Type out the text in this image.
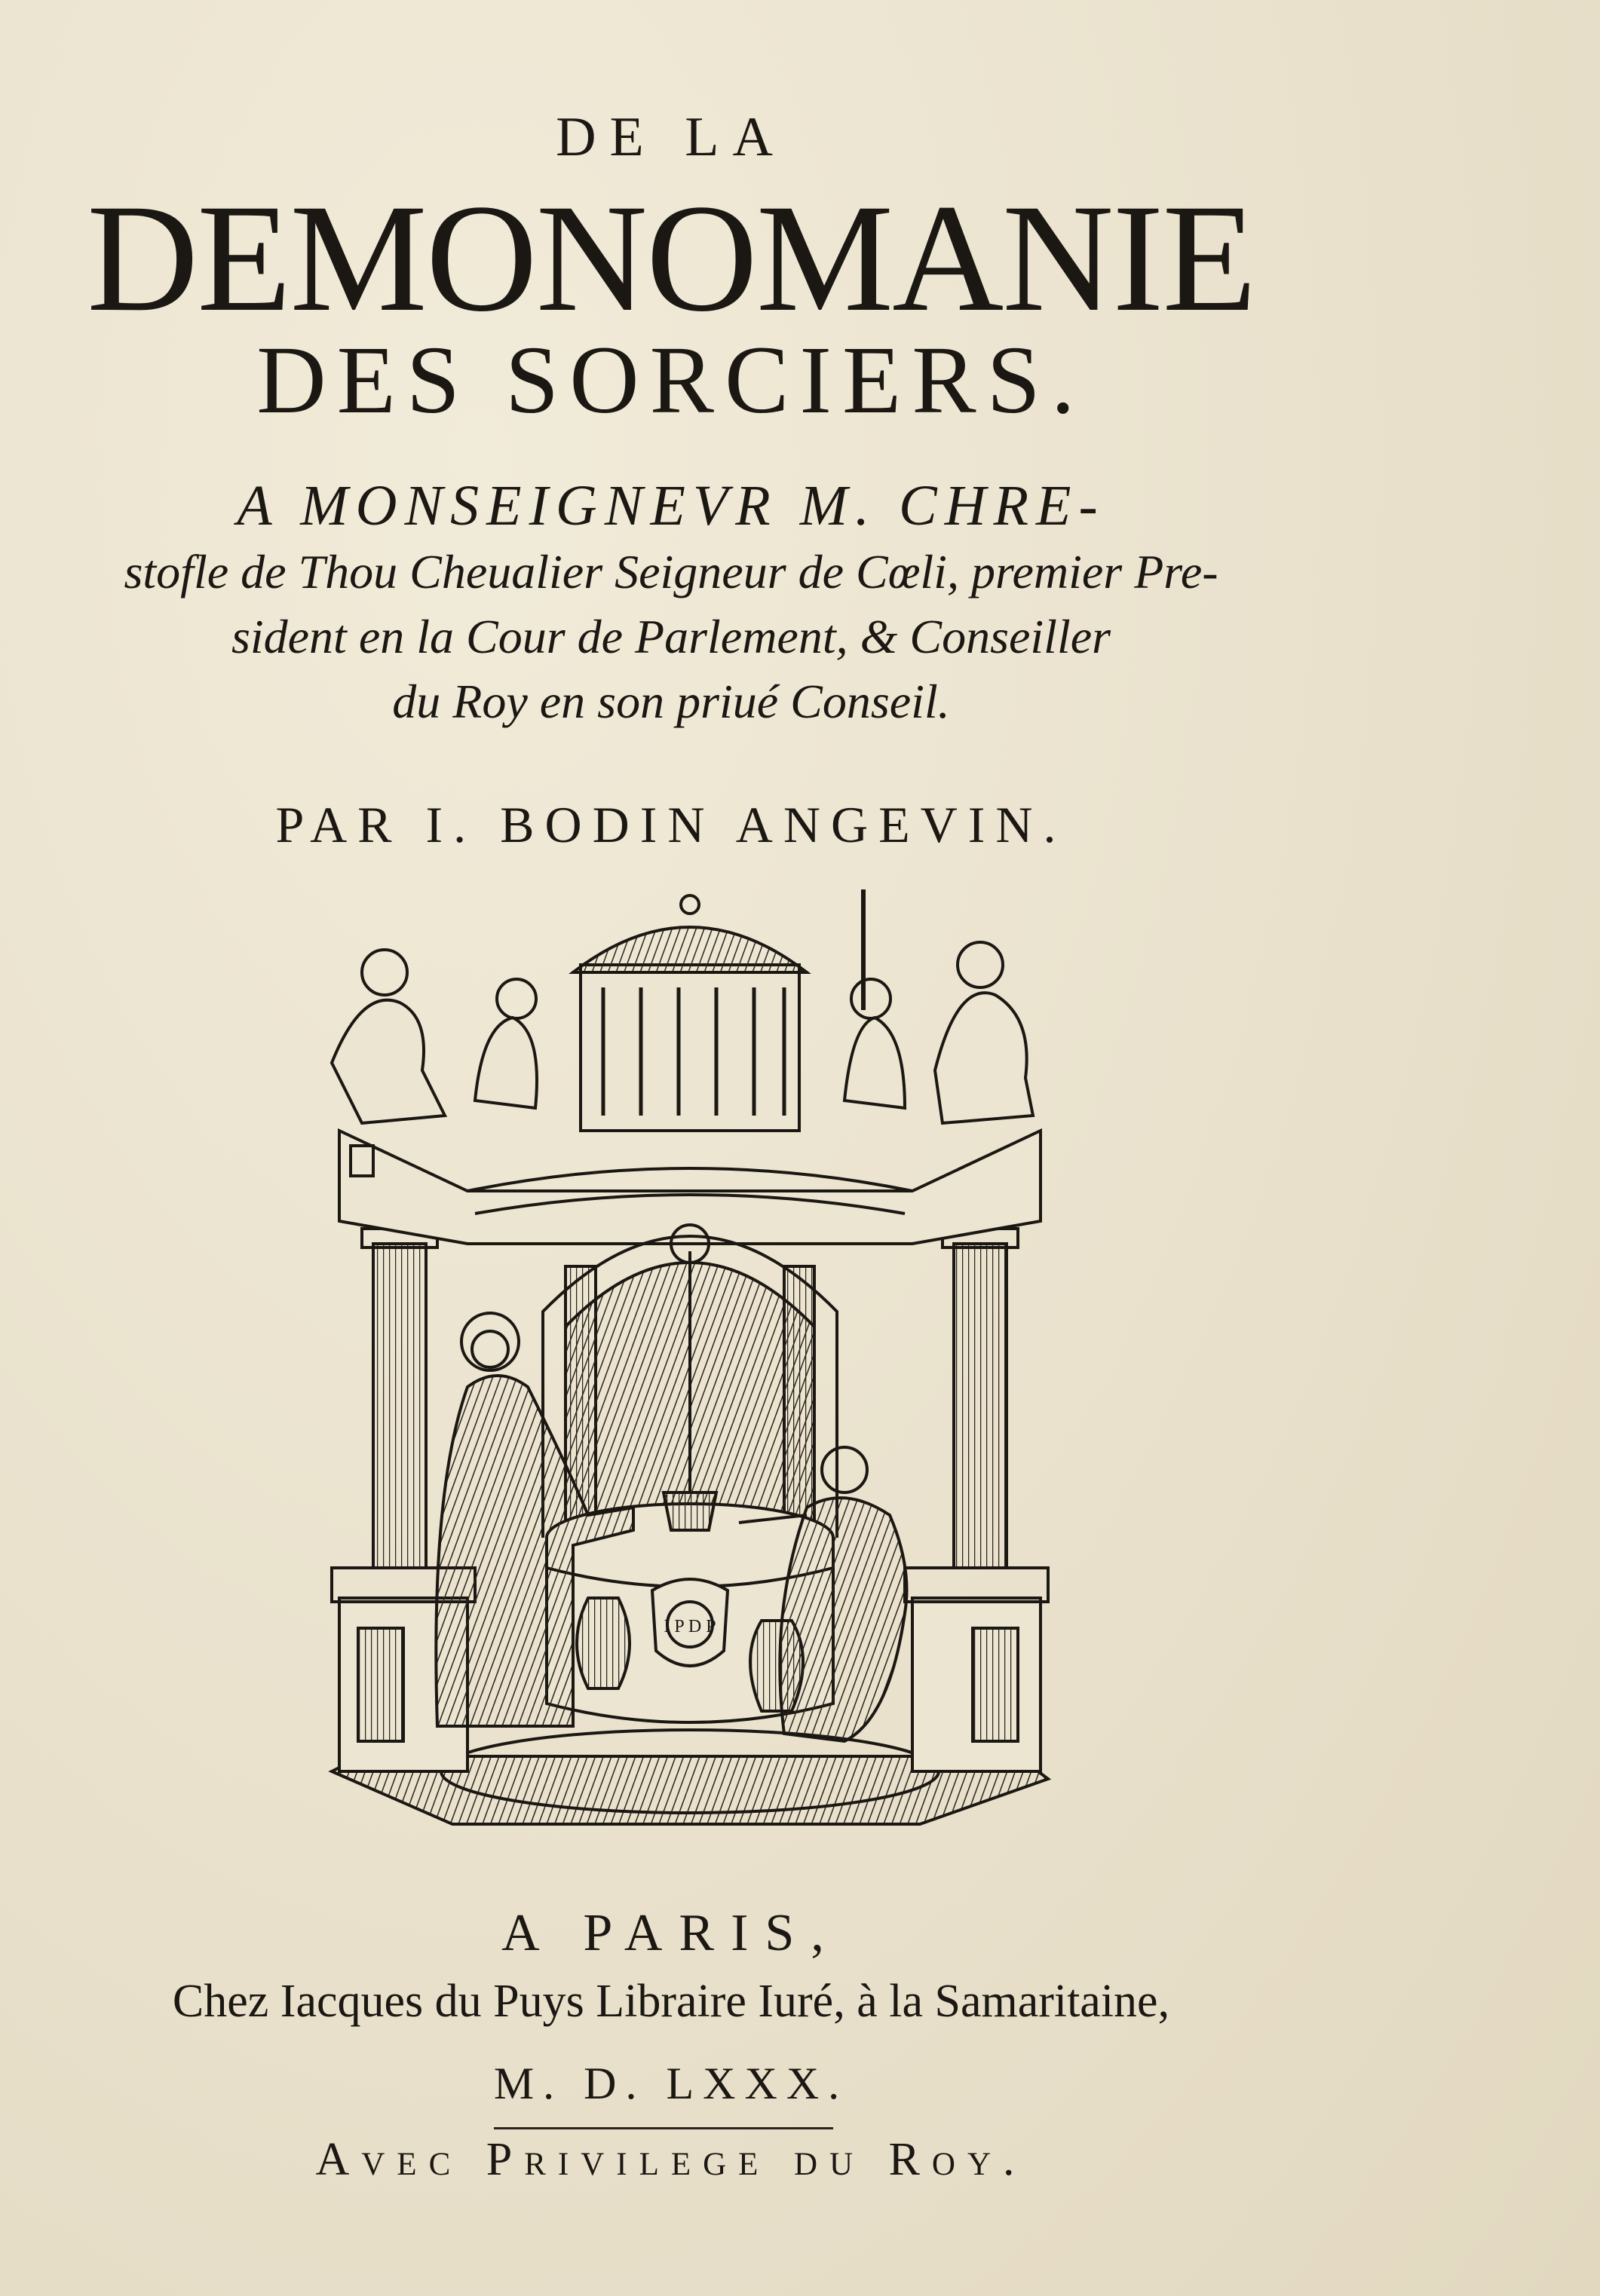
DE LA
DEMONOMANIE
DES SORCIERS.
A MONSEIGNEVR M. CHRE-
stofle de Thou Cheualier Seigneur de Cœli, premier Pre-
sident en la Cour de Parlement, & Conseiller
du Roy en son priué Conseil.
PAR I. BODIN ANGEVIN.
I P D P
A PARIS,
Chez Iacques du Puys Libraire Iuré, à la Samaritaine,
M. D. LXXX.
Avec Privilege du Roy.
